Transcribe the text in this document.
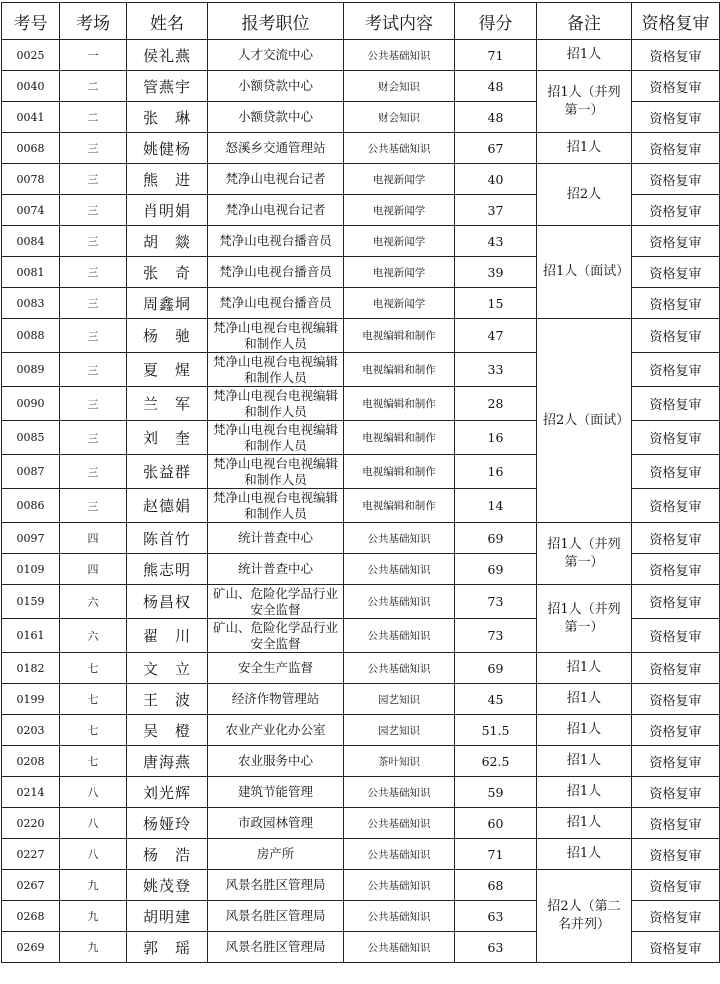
考号	考场	姓名	报考职位	考试内容	得分	备注	资格复审
0025	一	侯礼燕	人才交流中心	公共基础知识	71	招1人	资格复审
0040	二	管燕宇	小额贷款中心	财会知识	48	招1人（并列第一）	资格复审
0041	二	张　琳	小额贷款中心	财会知识	48		资格复审
0068	三	姚健杨	怒溪乡交通管理站	公共基础知识	67	招1人	资格复审
0078	三	熊　进	梵净山电视台记者	电视新闻学	40	招2人	资格复审
0074	三	肖明娟	梵净山电视台记者	电视新闻学	37		资格复审
0084	三	胡　燚	梵净山电视台播音员	电视新闻学	43	招1人（面试）	资格复审
0081	三	张　奇	梵净山电视台播音员	电视新闻学	39		资格复审
0083	三	周鑫垌	梵净山电视台播音员	电视新闻学	15		资格复审
0088	三	杨　驰	梵净山电视台电视编辑和制作人员	电视编辑和制作	47	招2人（面试）	资格复审
0089	三	夏　煋	梵净山电视台电视编辑和制作人员	电视编辑和制作	33		资格复审
0090	三	兰　军	梵净山电视台电视编辑和制作人员	电视编辑和制作	28		资格复审
0085	三	刘　奎	梵净山电视台电视编辑和制作人员	电视编辑和制作	16		资格复审
0087	三	张益群	梵净山电视台电视编辑和制作人员	电视编辑和制作	16		资格复审
0086	三	赵德娟	梵净山电视台电视编辑和制作人员	电视编辑和制作	14		资格复审
0097	四	陈首竹	统计普查中心	公共基础知识	69	招1人（并列第一）	资格复审
0109	四	熊志明	统计普查中心	公共基础知识	69		资格复审
0159	六	杨昌权	矿山、危险化学品行业安全监督	公共基础知识	73	招1人（并列第一）	资格复审
0161	六	翟　川	矿山、危险化学品行业安全监督	公共基础知识	73		资格复审
0182	七	文　立	安全生产监督	公共基础知识	69	招1人	资格复审
0199	七	王　波	经济作物管理站	园艺知识	45	招1人	资格复审
0203	七	吴　橙	农业产业化办公室	园艺知识	51.5	招1人	资格复审
0208	七	唐海燕	农业服务中心	茶叶知识	62.5	招1人	资格复审
0214	八	刘光辉	建筑节能管理	公共基础知识	59	招1人	资格复审
0220	八	杨娅玲	市政园林管理	公共基础知识	60	招1人	资格复审
0227	八	杨　浩	房产所	公共基础知识	71	招1人	资格复审
0267	九	姚茂登	风景名胜区管理局	公共基础知识	68	招2人（第二名并列）	资格复审
0268	九	胡明建	风景名胜区管理局	公共基础知识	63		资格复审
0269	九	郭　瑶	风景名胜区管理局	公共基础知识	63		资格复审
